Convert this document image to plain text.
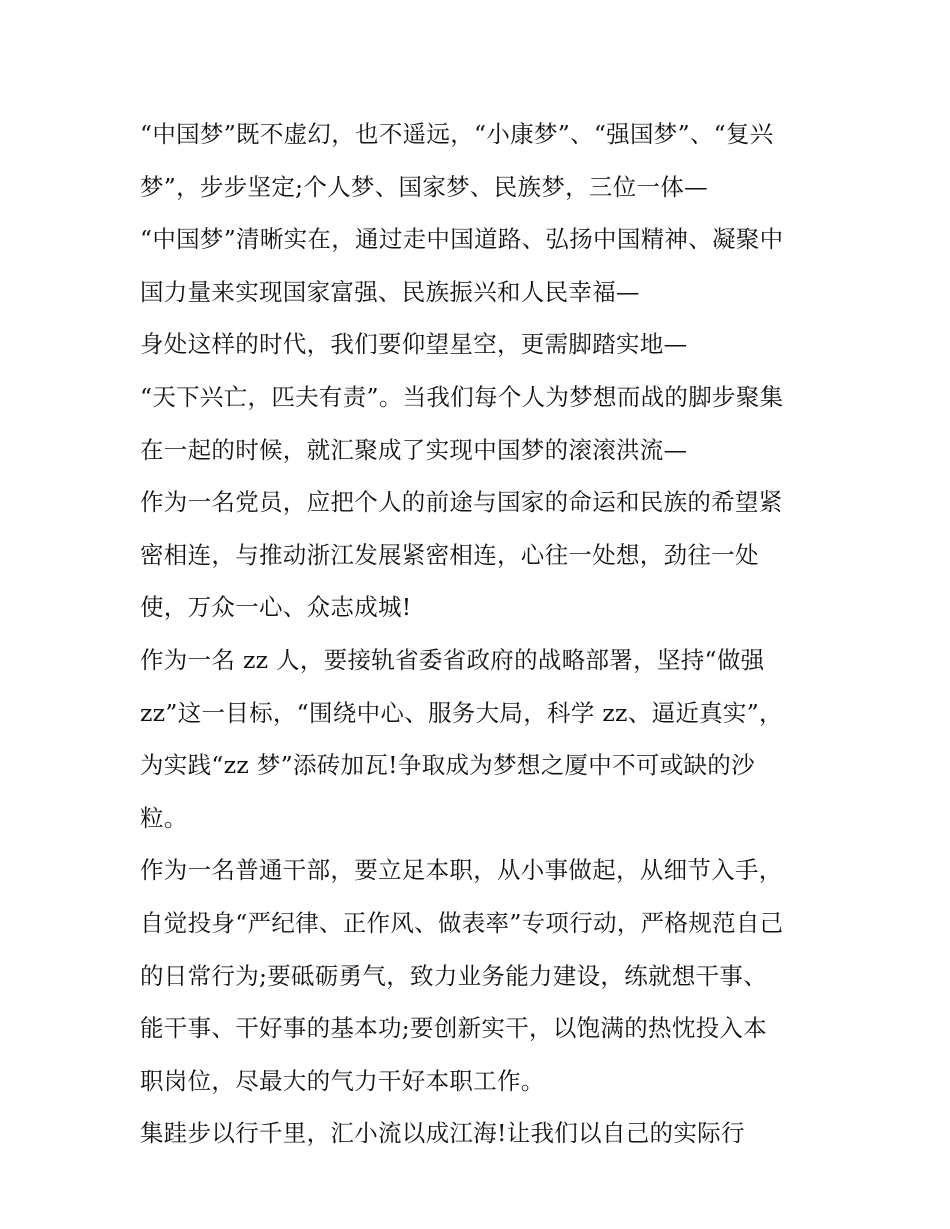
“中国梦”既不虚幻，也不遥远，“小康梦”、“强国梦”、“复兴
梦”，步步坚定;个人梦、国家梦、民族梦，三位一体—
“中国梦”清晰实在，通过走中国道路、弘扬中国精神、凝聚中
国力量来实现国家富强、民族振兴和人民幸福—
身处这样的时代，我们要仰望星空，更需脚踏实地—
“天下兴亡，匹夫有责”。当我们每个人为梦想而战的脚步聚集
在一起的时候，就汇聚成了实现中国梦的滚滚洪流—
作为一名党员，应把个人的前途与国家的命运和民族的希望紧
密相连，与推动浙江发展紧密相连，心往一处想，劲往一处
使，万众一心、众志成城!
作为一名 zz 人，要接轨省委省政府的战略部署，坚持“做强
zz”这一目标，“围绕中心、服务大局，科学 zz、逼近真实”，
为实践“zz 梦”添砖加瓦!争取成为梦想之厦中不可或缺的沙
粒。
作为一名普通干部，要立足本职，从小事做起，从细节入手，
自觉投身“严纪律、正作风、做表率”专项行动，严格规范自己
的日常行为;要砥砺勇气，致力业务能力建设，练就想干事、
能干事、干好事的基本功;要创新实干，以饱满的热忱投入本
职岗位，尽最大的气力干好本职工作。
集跬步以行千里，汇小流以成江海!让我们以自己的实际行
